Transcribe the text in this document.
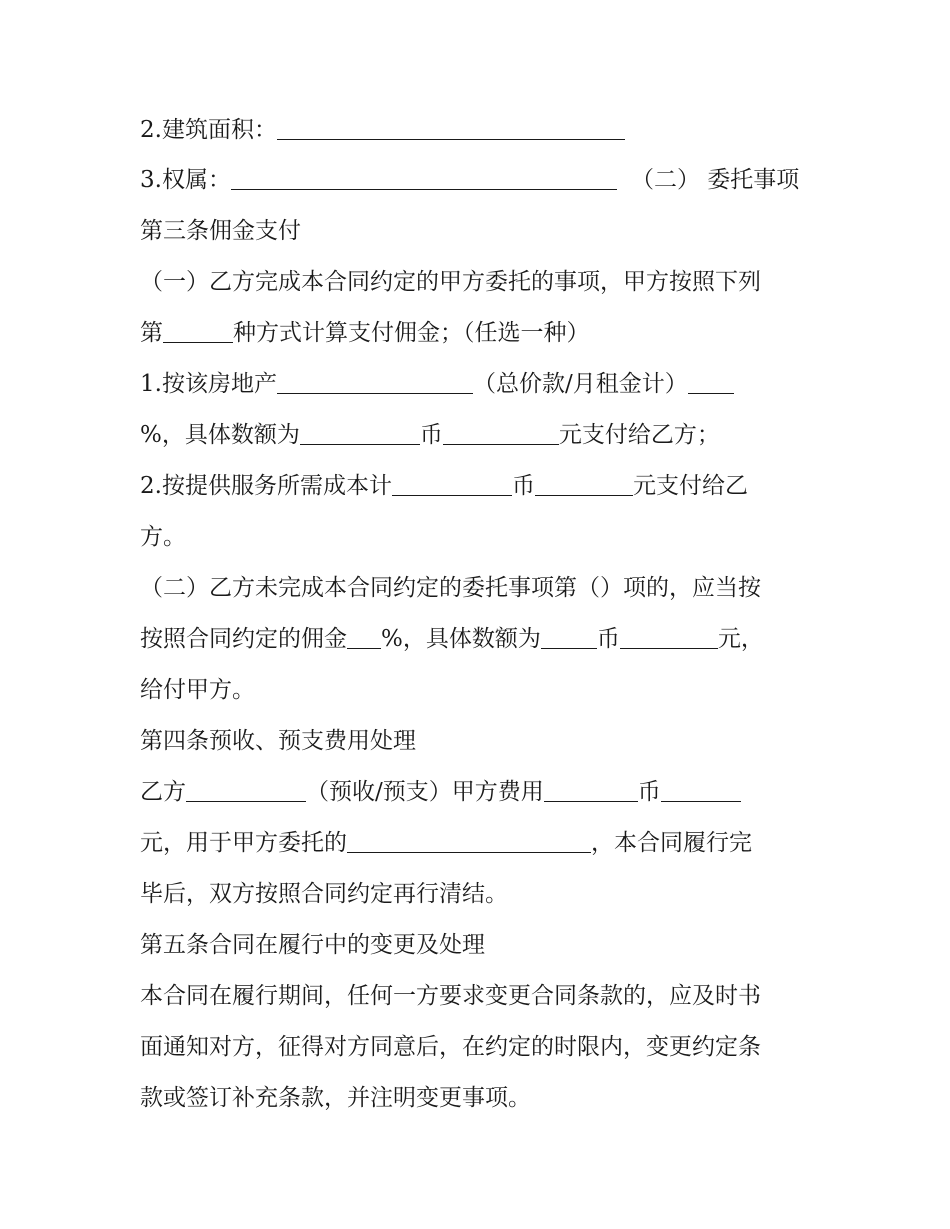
2.建筑面积：
3.权属：	（二） 委托事项
第三条佣金支付
（一）乙方完成本合同约定的甲方委托的事项，甲方按照下列
第	种方式计算支付佣金；（任选一种）
1.按该房地产	（总价款/月租金计）
%，具体数额为	币	元支付给乙方；
2.按提供服务所需成本计	币	元支付给乙
方。
（二）乙方未完成本合同约定的委托事项第（）项的，应当按
按照合同约定的佣金 %，具体数额为 币	元，
给付甲方。
第四条预收、预支费用处理
乙方	（预收/预支）甲方费用	币
元，用于甲方委托的	，本合同履行完
毕后，双方按照合同约定再行清结。
第五条合同在履行中的变更及处理
本合同在履行期间，任何一方要求变更合同条款的，应及时书
面通知对方，征得对方同意后，在约定的时限内，变更约定条
款或签订补充条款，并注明变更事项。
